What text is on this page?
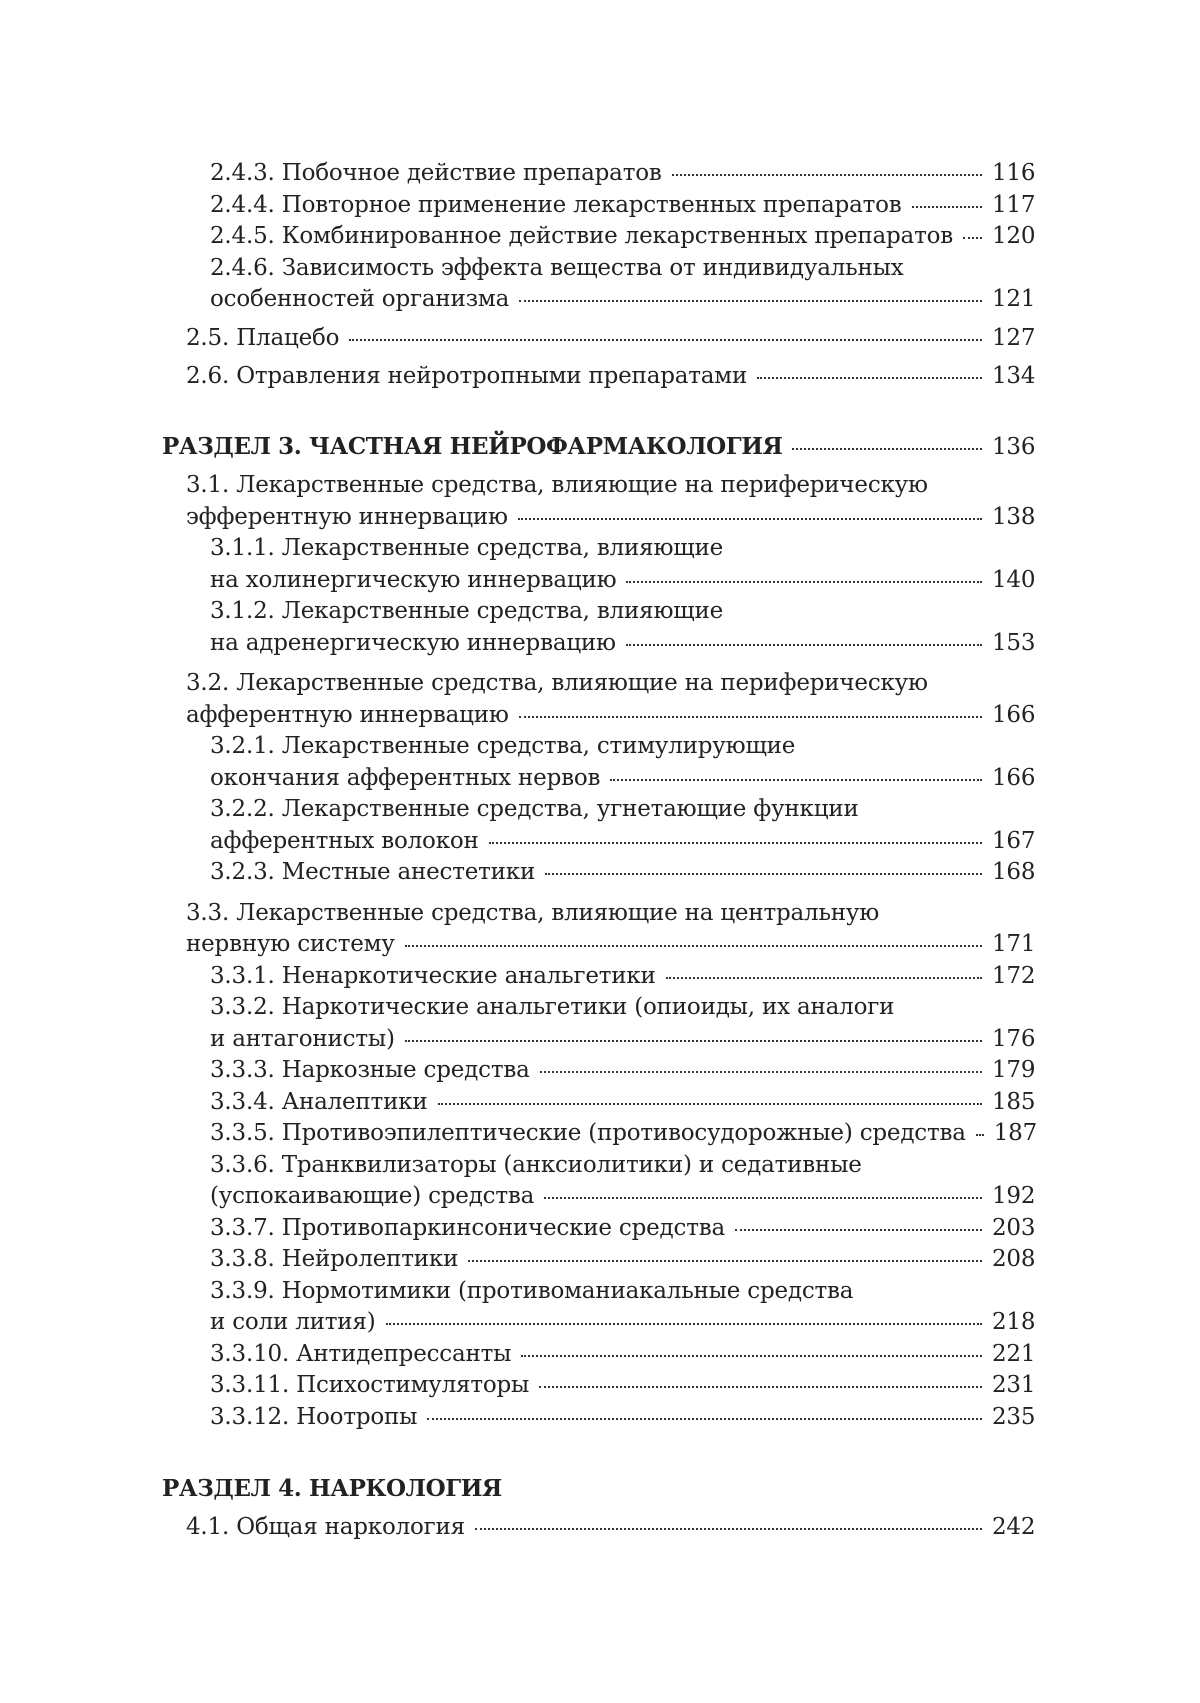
2.4.3. Побочное действие препаратов	116
2.4.4. Повторное применение лекарственных препаратов	117
2.4.5. Комбинированное действие лекарственных препаратов 120
2.4.6. Зависимость эффекта вещества от индивидуальных
особенностей организма	121
2.5. Плацебо	127
2.6. Отравления нейротропными препаратами	134
РАЗДЕЛ 3. ЧАСТНАЯ НЕЙРОФАРМАКОЛОГИЯ	136
3.1. Лекарственные средства, влияющие на периферическую
эфферентную иннервацию	138
3.1.1. Лекарственные средства, влияющие
на холинергическую иннервацию	140
3.1.2. Лекарственные средства, влияющие
на адренергическую иннервацию	153
3.2. Лекарственные средства, влияющие на периферическую
афферентную иннервацию	166
3.2.1. Лекарственные средства, стимулирующие
окончания афферентных нервов	166
3.2.2. Лекарственные средства, угнетающие функции
афферентных волокон	167
3.2.3. Местные анестетики	168
3.3. Лекарственные средства, влияющие на центральную
нервную систему	171
3.3.1. Ненаркотические анальгетики	172
3.3.2. Наркотические анальгетики (опиоиды, их аналоги
и антагонисты)	176
3.3.3. Наркозные средства	179
3.3.4. Аналептики	185
3.3.5. Противоэпилептические (противосудорожные) средства 187
3.3.6. Транквилизаторы (анксиолитики) и седативные
(успокаивающие) средства	192
3.3.7. Противопаркинсонические средства	203
3.3.8. Нейролептики	208
3.3.9. Нормотимики (противоманиакальные средства
и соли лития)	218
3.3.10. Антидепрессанты	221
3.3.11. Психостимуляторы	231
3.3.12. Ноотропы	235
РАЗДЕЛ 4. НАРКОЛОГИЯ
4.1. Общая наркология	242
